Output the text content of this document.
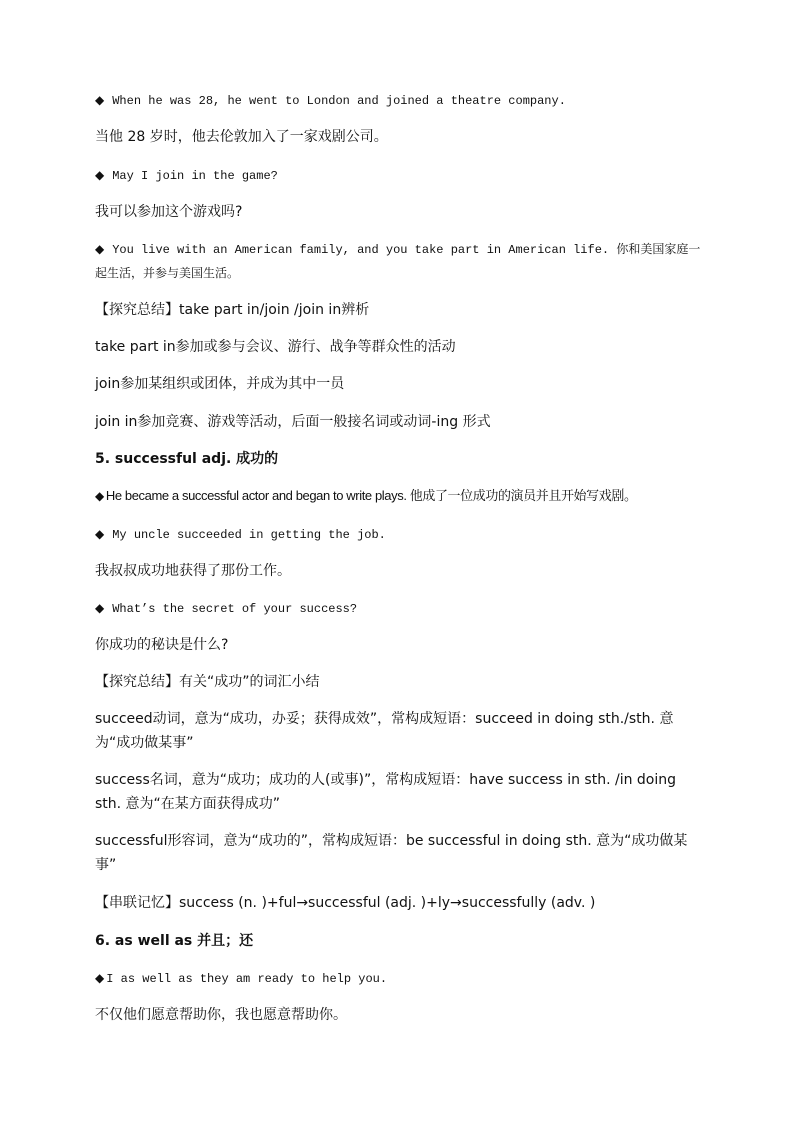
◆ When he was 28, he went to London and joined a theatre company.
当他 28 岁时，他去伦敦加入了一家戏剧公司。
◆ May I join in the game?
我可以参加这个游戏吗?
◆ You live with an American family, and you take part in American life. 你和美国家庭一起生活，并参与美国生活。
【探究总结】take part in/join /join in辨析
take part in参加或参与会议、游行、战争等群众性的活动
join参加某组织或团体，并成为其中一员
join in参加竞赛、游戏等活动，后面一般接名词或动词-ing 形式
5. successful adj. 成功的
◆ He became a successful actor and began to write plays. 他成了一位成功的演员并且开始写戏剧。
◆ My uncle succeeded in getting the job.
我叔叔成功地获得了那份工作。
◆ What’s the secret of your success?
你成功的秘诀是什么?
【探究总结】有关“成功”的词汇小结
succeed动词，意为“成功，办妥；获得成效”，常构成短语：succeed in doing sth./sth. 意为“成功做某事”
success名词，意为“成功；成功的人(或事)”，常构成短语：have success in sth. /in doing sth. 意为“在某方面获得成功”
successful形容词，意为“成功的”，常构成短语：be successful in doing sth. 意为“成功做某事”
【串联记忆】success (n. )+ful→successful (adj. )+ly→successfully (adv. )
6. as well as 并且；还
◆ I as well as they am ready to help you.
不仅他们愿意帮助你，我也愿意帮助你。
